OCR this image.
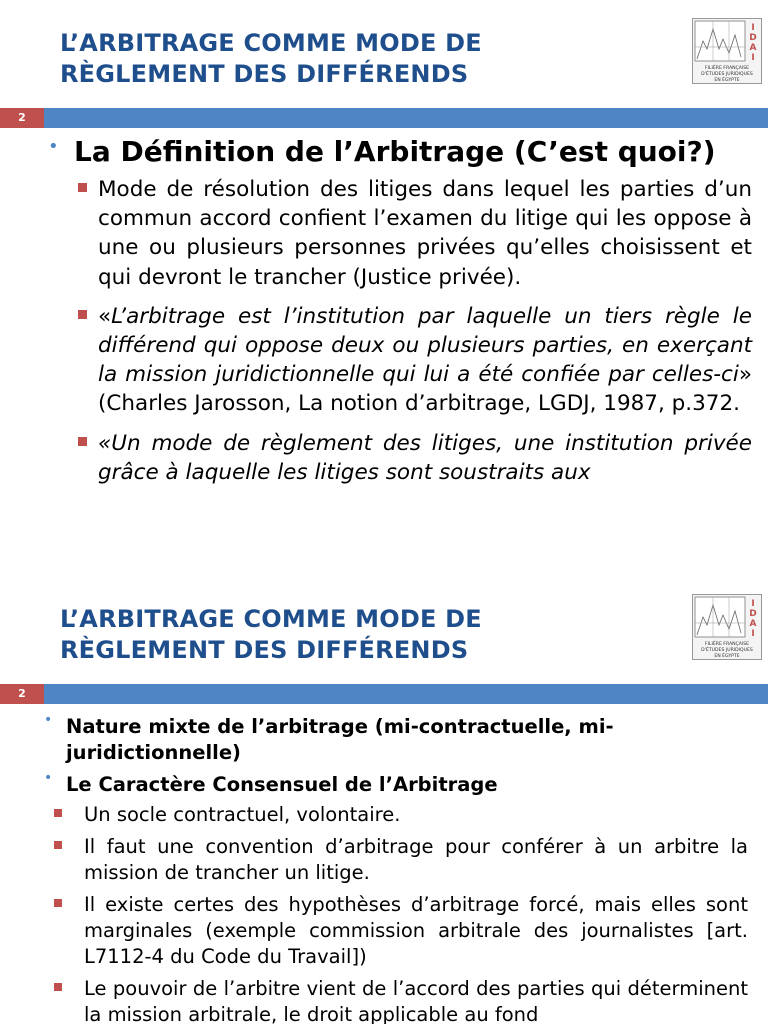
L’ARBITRAGE COMME MODE DE
RÈGLEMENT DES DIFFÉRENDS
I
D
A
I
FILIÈRE FRANÇAISE
D'ÉTUDES JURIDIQUES
EN ÉGYPTE
2
• La Définition de l’Arbitrage (C’est quoi?)
Mode de résolution des litiges dans lequel les parties d’un commun accord confient l’examen du litige qui les oppose à une ou plusieurs personnes privées qu’elles choisissent et qui devront le trancher (Justice privée).
«L’arbitrage est l’institution par laquelle un tiers règle le différend qui oppose deux ou plusieurs parties, en exerçant la mission juridictionnelle qui lui a été confiée par celles-ci» (Charles Jarosson, La notion d’arbitrage, LGDJ, 1987, p.372.
«Un mode de règlement des litiges, une institution privée grâce à laquelle les litiges sont soustraits aux
L’ARBITRAGE COMME MODE DE
RÈGLEMENT DES DIFFÉRENDS
I
D
A
I
FILIÈRE FRANÇAISE
D'ÉTUDES JURIDIQUES
EN ÉGYPTE
2
• Nature mixte de l’arbitrage (mi-contractuelle, mi-juridictionnelle)
• Le Caractère Consensuel de l’Arbitrage
Un socle contractuel, volontaire.
Il faut une convention d’arbitrage pour conférer à un arbitre la mission de trancher un litige.
Il existe certes des hypothèses d’arbitrage forcé, mais elles sont marginales (exemple commission arbitrale des journalistes [art. L7112-4 du Code du Travail])
Le pouvoir de l’arbitre vient de l’accord des parties qui déterminent la mission arbitrale, le droit applicable au fond
